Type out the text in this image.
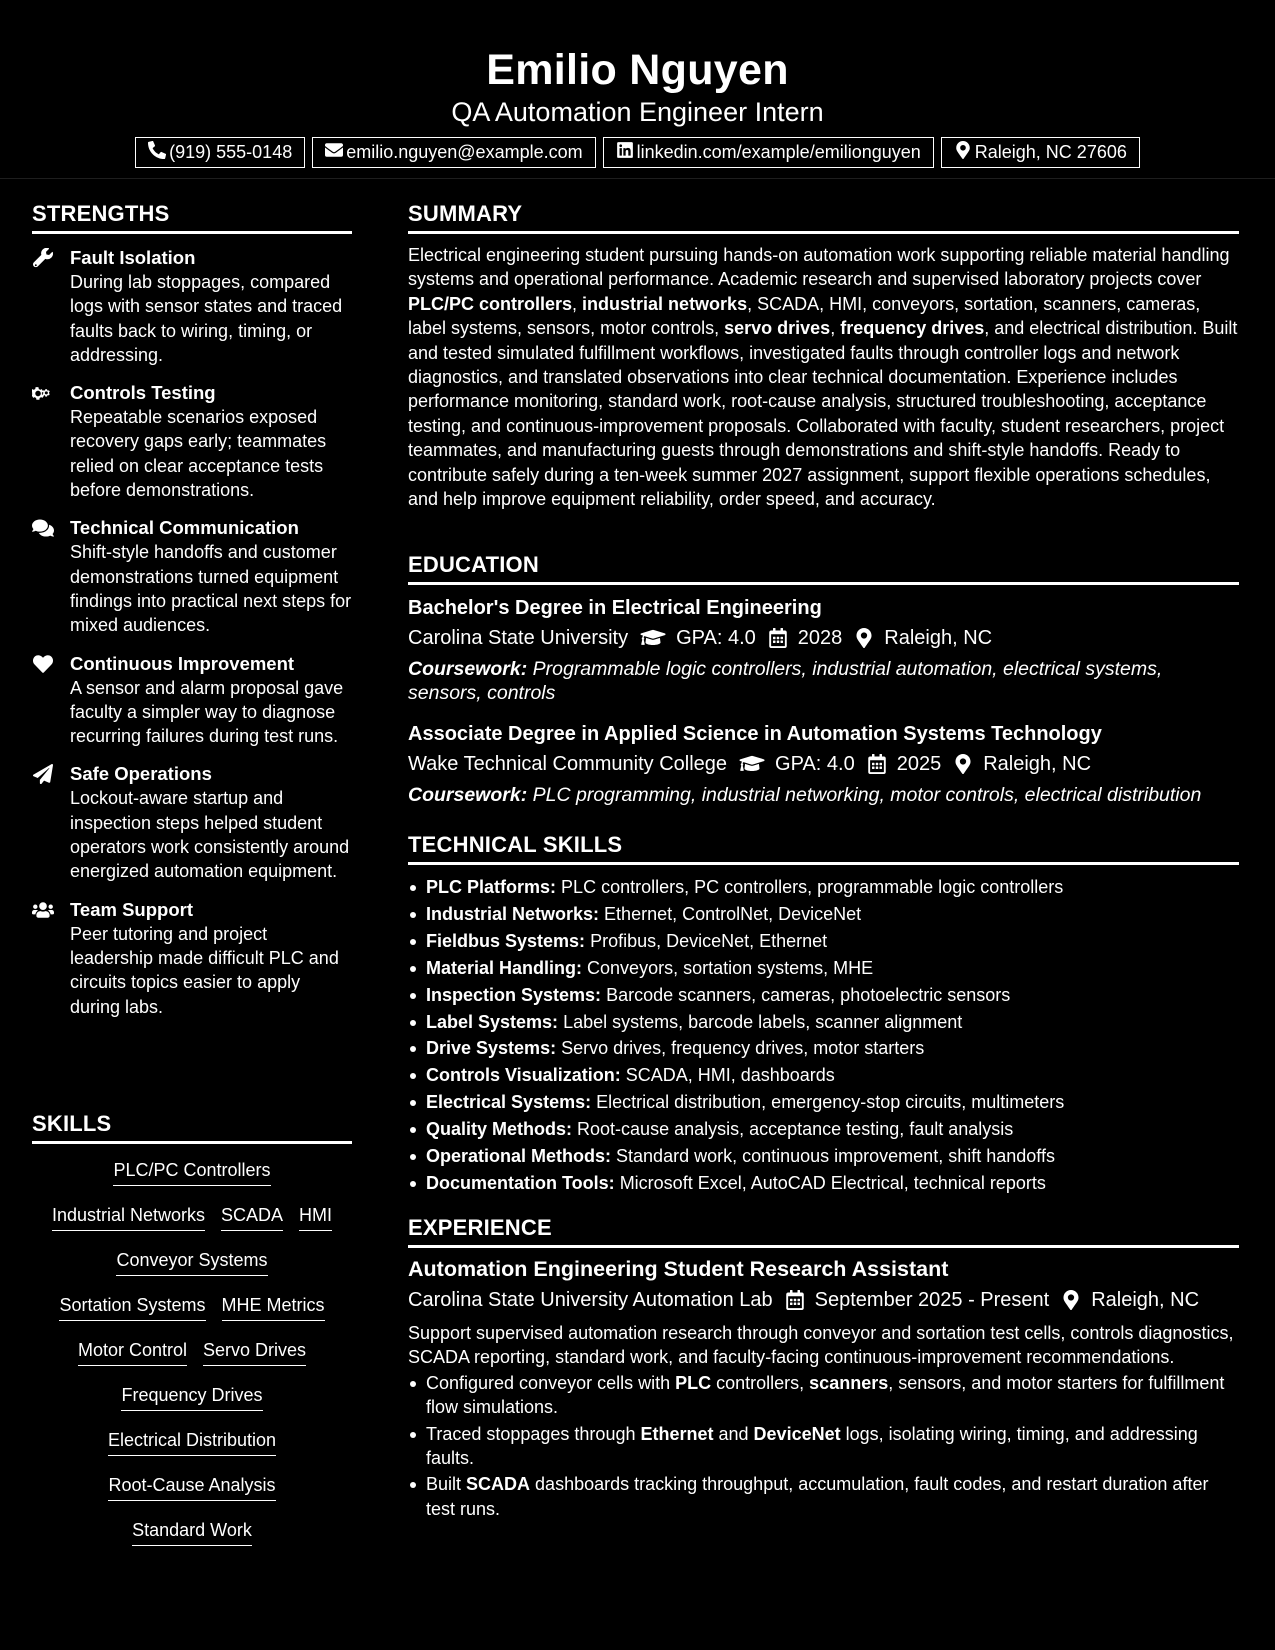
Emilio Nguyen
QA Automation Engineer Intern
(919) 555-0148	emilio.nguyen@example.com	linkedin.com/example/emilionguyen	Raleigh, NC 27606
STRENGTHS
Fault Isolation
During lab stoppages, compared logs with sensor states and traced faults back to wiring, timing, or addressing.
Controls Testing
Repeatable scenarios exposed recovery gaps early; teammates relied on clear acceptance tests before demonstrations.
Technical Communication
Shift-style handoffs and customer demonstrations turned equipment findings into practical next steps for mixed audiences.
Continuous Improvement
A sensor and alarm proposal gave faculty a simpler way to diagnose recurring failures during test runs.
Safe Operations
Lockout-aware startup and inspection steps helped student operators work consistently around energized automation equipment.
Team Support
Peer tutoring and project leadership made difficult PLC and circuits topics easier to apply during labs.
SKILLS
PLC/PC Controllers
Industrial Networks SCADA HMI
Conveyor Systems
Sortation Systems MHE Metrics
Motor Control Servo Drives
Frequency Drives
Electrical Distribution
Root-Cause Analysis
Standard Work
SUMMARY

Electrical engineering student pursuing hands-on automation work supporting reliable material handling systems and operational performance. Academic research and supervised laboratory projects cover PLC/PC controllers, industrial networks, SCADA, HMI, conveyors, sortation, scanners, cameras, label systems, sensors, motor controls, servo drives, frequency drives, and electrical distribution. Built and tested simulated fulfillment workflows, investigated faults through controller logs and network diagnostics, and translated observations into clear technical documentation. Experience includes performance monitoring, standard work, root-cause analysis, structured troubleshooting, acceptance testing, and continuous-improvement proposals. Collaborated with faculty, student researchers, project teammates, and manufacturing guests through demonstrations and shift-style handoffs. Ready to contribute safely during a ten-week summer 2027 assignment, support flexible operations schedules, and help improve equipment reliability, order speed, and accuracy.

EDUCATION
Bachelor's Degree in Electrical Engineering
Carolina State University GPA: 4.0 2028 Raleigh, NC
Coursework: Programmable logic controllers, industrial automation, electrical systems, sensors, controls
Associate Degree in Applied Science in Automation Systems Technology
Wake Technical Community College GPA: 4.0 2025 Raleigh, NC
Coursework: PLC programming, industrial networking, motor controls, electrical distribution
TECHNICAL SKILLS
PLC Platforms: PLC controllers, PC controllers, programmable logic controllers
Industrial Networks: Ethernet, ControlNet, DeviceNet
Fieldbus Systems: Profibus, DeviceNet, Ethernet
Material Handling: Conveyors, sortation systems, MHE
Inspection Systems: Barcode scanners, cameras, photoelectric sensors
Label Systems: Label systems, barcode labels, scanner alignment
Drive Systems: Servo drives, frequency drives, motor starters
Controls Visualization: SCADA, HMI, dashboards
Electrical Systems: Electrical distribution, emergency-stop circuits, multimeters
Quality Methods: Root-cause analysis, acceptance testing, fault analysis
Operational Methods: Standard work, continuous improvement, shift handoffs
Documentation Tools: Microsoft Excel, AutoCAD Electrical, technical reports
EXPERIENCE
Automation Engineering Student Research Assistant
Carolina State University Automation Lab September 2025 - Present Raleigh, NC
Support supervised automation research through conveyor and sortation test cells, controls diagnostics, SCADA reporting, standard work, and faculty-facing continuous-improvement recommendations.
Configured conveyor cells with PLC controllers, scanners, sensors, and motor starters for fulfillment flow simulations.
Traced stoppages through Ethernet and DeviceNet logs, isolating wiring, timing, and addressing faults.
Built SCADA dashboards tracking throughput, accumulation, fault codes, and restart duration after test runs.
